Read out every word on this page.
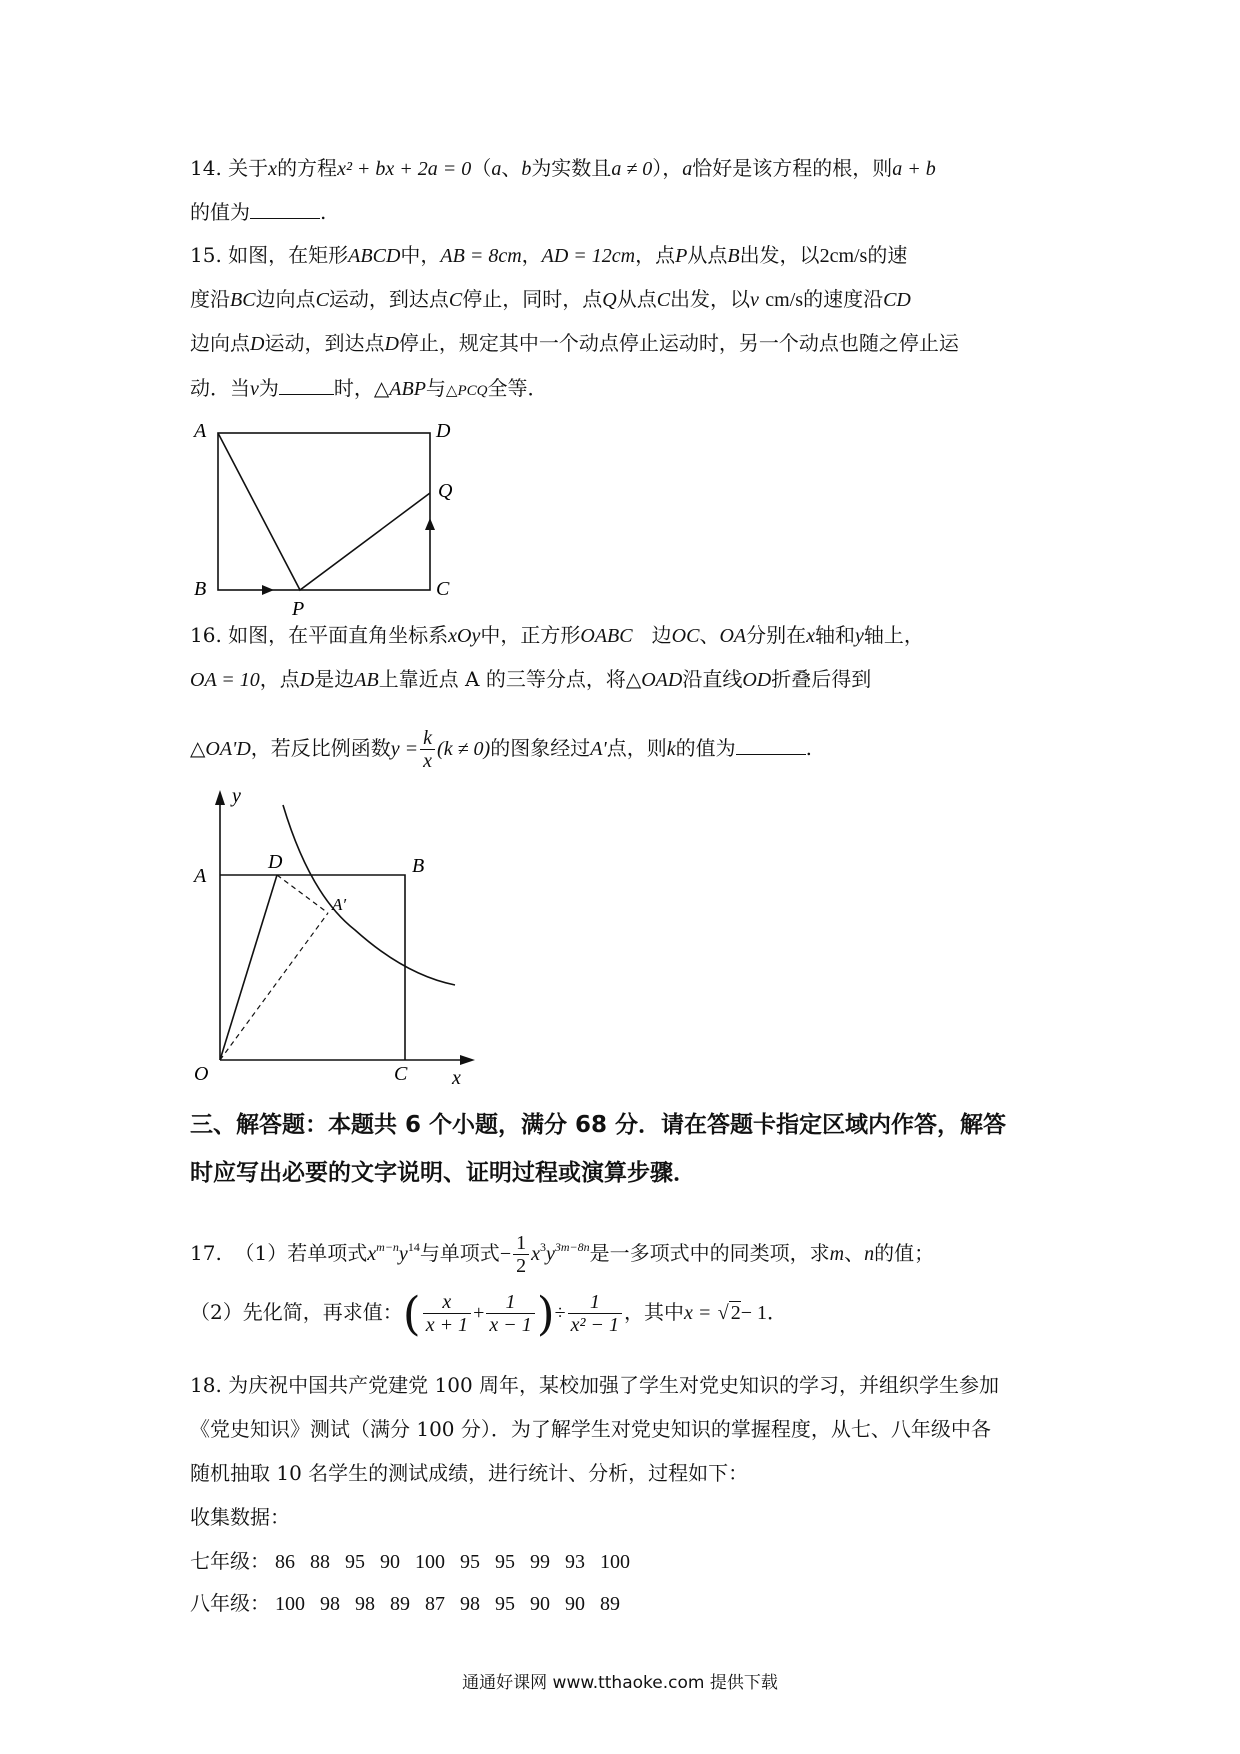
14. 关于x的方程x² + bx + 2a = 0（a、b为实数且a ≠ 0），a恰好是该方程的根，则a + b
的值为	.
15. 如图，在矩形ABCD中，AB = 8cm，AD = 12cm，点P从点B出发，以2cm/s的速
度沿BC边向点C运动，到达点C停止，同时，点Q从点C出发，以v cm/s的速度沿CD
边向点D运动，到达点D停止，规定其中一个动点停止运动时，另一个动点也随之停止运
动．当v为	时，△ABP与△PCQ全等．
A	D
Q
B	C
P
16. 如图，在平面直角坐标系xOy中，正方形OABC 边OC、OA分别在x轴和y轴上，
OA = 10，点D是边AB上靠近点 A 的三等分点，将△OAD沿直线OD折叠后得到
△OA'D，若反比例函数$y = \frac{k}{x} (k \ne 0)$的图象经过A'点，则k的值为	.
y
A
D	B
A′
O	C x
三、解答题：本题共 6 个小题，满分 68 分．请在答题卡指定区域内作答，解答
时应写出必要的文字说明、证明过程或演算步骤．
17. （1）若单项式$x^{m-n}y^{14}$与单项式− $\frac{1}{2} x^3y^{3m-8n}$是一多项式中的同类项，求m、n的值；
（2）先化简，再求值：( $\frac{x}{x + 1} + \frac{1}{x - 1}$ )÷ $\frac{1}{\text{x² − 1}}$ ，其中x = √ 2− 1．
18. 为庆祝中国共产党建党 100 周年，某校加强了学生对党史知识的学习，并组织学生参加
《党史知识》测试（满分 100 分）．为了解学生对党史知识的掌握程度，从七、八年级中各
随机抽取 10 名学生的测试成绩，进行统计、分析，过程如下：
收集数据：
七年级： 86 88 95 90 100 95 95 99 93 100
八年级： 100 98 98 89 87 98 95 90 90 89
通通好课网 www.tthaoke.com 提供下载
